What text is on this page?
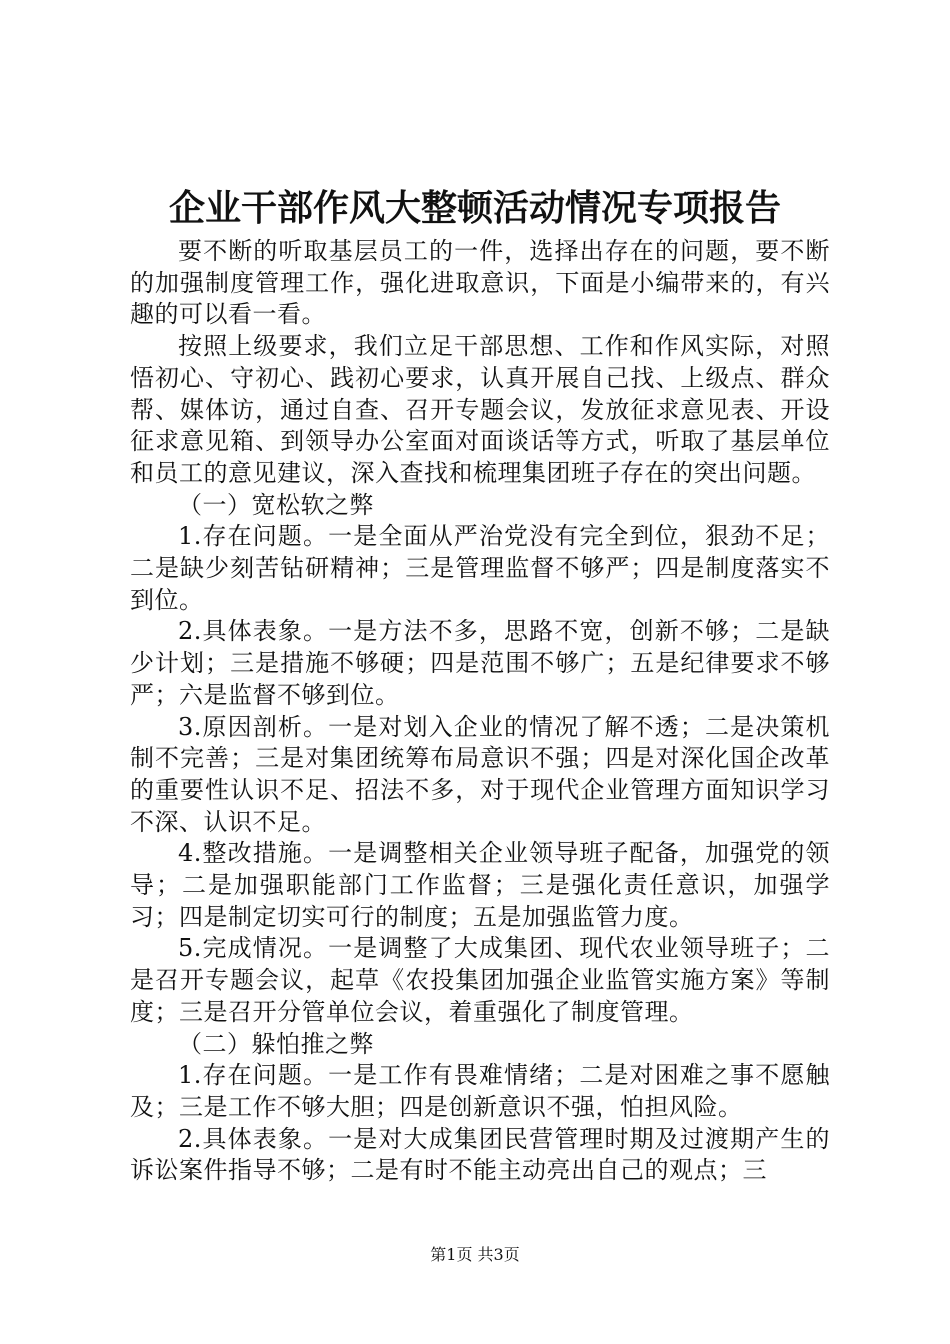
企业干部作风大整顿活动情况专项报告

要不断的听取基层员工的一件，选择出存在的问题，要不断的加强制度管理工作，强化进取意识，下面是小编带来的，有兴趣的可以看一看。

按照上级要求，我们立足干部思想、工作和作风实际，对照悟初心、守初心、践初心要求，认真开展自己找、上级点、群众帮、媒体访，通过自查、召开专题会议，发放征求意见表、开设征求意见箱、到领导办公室面对面谈话等方式，听取了基层单位和员工的意见建议，深入查找和梳理集团班子存在的突出问题。

（一）宽松软之弊

1.存在问题。一是全面从严治党没有完全到位，狠劲不足；二是缺少刻苦钻研精神；三是管理监督不够严；四是制度落实不到位。

2.具体表象。一是方法不多，思路不宽，创新不够；二是缺少计划；三是措施不够硬；四是范围不够广；五是纪律要求不够严；六是监督不够到位。

3.原因剖析。一是对划入企业的情况了解不透；二是决策机制不完善；三是对集团统筹布局意识不强；四是对深化国企改革的重要性认识不足、招法不多，对于现代企业管理方面知识学习不深、认识不足。

4.整改措施。一是调整相关企业领导班子配备，加强党的领导；二是加强职能部门工作监督；三是强化责任意识，加强学习；四是制定切实可行的制度；五是加强监管力度。

5.完成情况。一是调整了大成集团、现代农业领导班子；二是召开专题会议，起草《农投集团加强企业监管实施方案》等制度；三是召开分管单位会议，着重强化了制度管理。

（二）躲怕推之弊

1.存在问题。一是工作有畏难情绪；二是对困难之事不愿触及；三是工作不够大胆；四是创新意识不强，怕担风险。

2.具体表象。一是对大成集团民营管理时期及过渡期产生的诉讼案件指导不够；二是有时不能主动亮出自己的观点；三

第1页 共3页
